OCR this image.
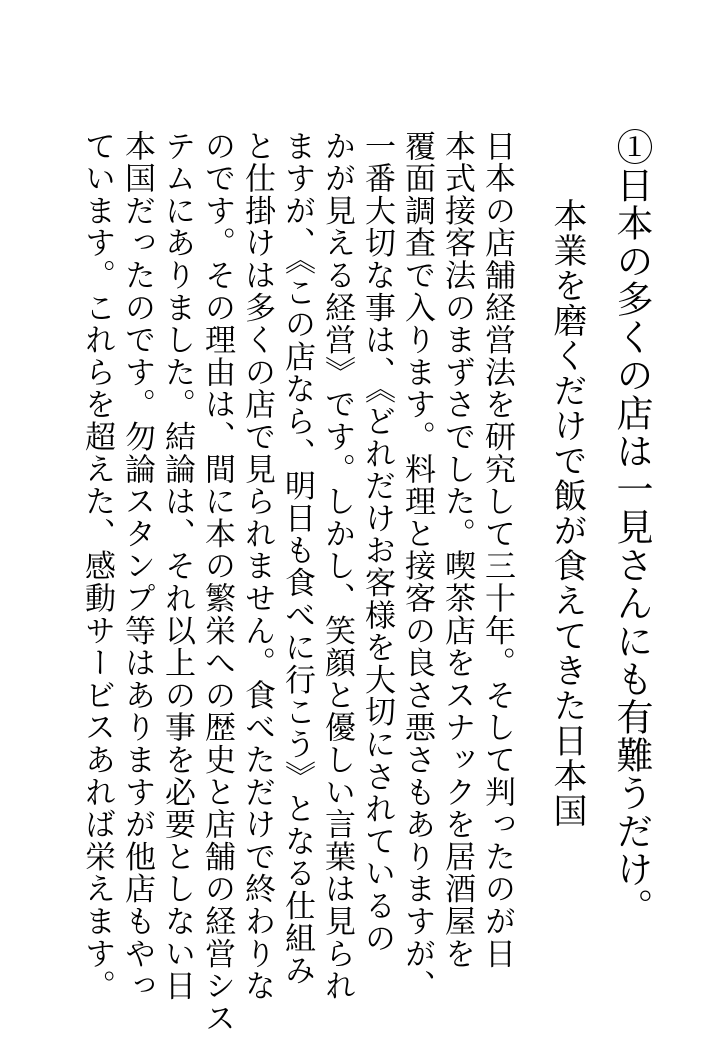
①日本の多くの店は一見さんにも有難うだけ。
本業を磨くだけで飯が食えてきた日本国
日本の店舗経営法を研究して三十年。そして判ったのが日
本式接客法のまずさでした。喫茶店をスナックを居酒屋を
覆面調査で入ります。料理と接客の良さ悪さもありますが、
一番大切な事は、《どれだけお客様を大切にされているの
かが見える経営》です。しかし、笑顔と優しい言葉は見られ
ますが、《この店なら、明日も食べに行こう》となる仕組み
と仕掛けは多くの店で見られません。食べただけで終わりな
のです。その理由は、間に本の繁栄への歴史と店舗の経営シス
テムにありました。結論は、それ以上の事を必要としない日
本国だったのです。勿論スタンプ等はありますが他店もやっ
ています。これらを超えた、感動サービスあれば栄えます。
